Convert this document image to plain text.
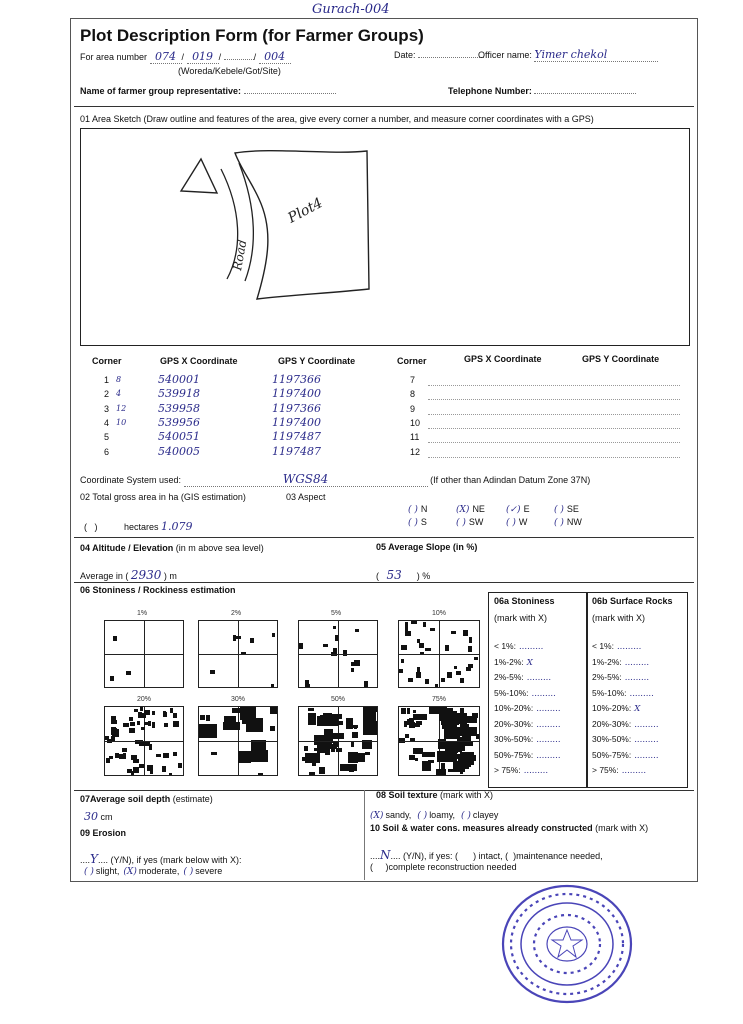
Gurach-004
Plot Description Form (for Farmer Groups)
For area number 074 / 019 /	/ 004
(Woreda/Kebele/Got/Site)
Date:	Officer name: Yimer chekol
Name of farmer group representative:	Telephone Number:
01 Area Sketch (Draw outline and features of the area, give every corner a number, and measure corner coordinates with a GPS)
Plot4
Road
Corner	GPS X Coordinate	GPS Y Coordinate	Corner	GPS X Coordinate	GPS Y Coordinate
1 8	540001	1197366
2 4	539918	1197400
3 12	539958	1197366
4 10	539956	1197400
5	540051	1197487
6	540005	1197487
7
8
9
10
11
12
Coordinate System used:	WGS84	(If other than Adindan Datum Zone 37N)
02 Total gross area in ha (GIS estimation)	03 Aspect
(   )	hectares 1.079
( ) N	(X) NE (✓) E	( ) SE
( ) S	( ) SW	( ) W	( ) NW
04 Altitude / Elevation (in m above sea level)	05 Average Slope (in %)
Average in ( 2930 ) m	(   53      ) %
06 Stoniness / Rockiness estimation
06a Stoniness
(mark with X)
06b Surface Rocks
(mark with X)
< 1%: .........	< 1%: .........
1%-2%: X	1%-2%: .........
2%-5%: .........	2%-5%: .........
5%-10%: .........	5%-10%: .........
10%-20%: .........	10%-20%: X
20%-30%: .........	20%-30%: .........
30%-50%: .........	30%-50%: .........
50%-75%: .........	50%-75%: .........
> 75%: .........	> 75%: .........
1%	2%	5%	10%
20%	30%	50%	75%
07Average soil depth (estimate)	08 Soil texture (mark with X)
30 cm	(X) sandy, ( ) loamy, ( ) clayey
09 Erosion	10 Soil & water cons. measures already constructed (mark with X)
....Y.... (Y/N), if yes (mark below with X):
( ) slight, (X) moderate, ( ) severe
....N.... (Y/N), if yes: ( ) intact, ( )maintenance needed,
(     )complete reconstruction needed
